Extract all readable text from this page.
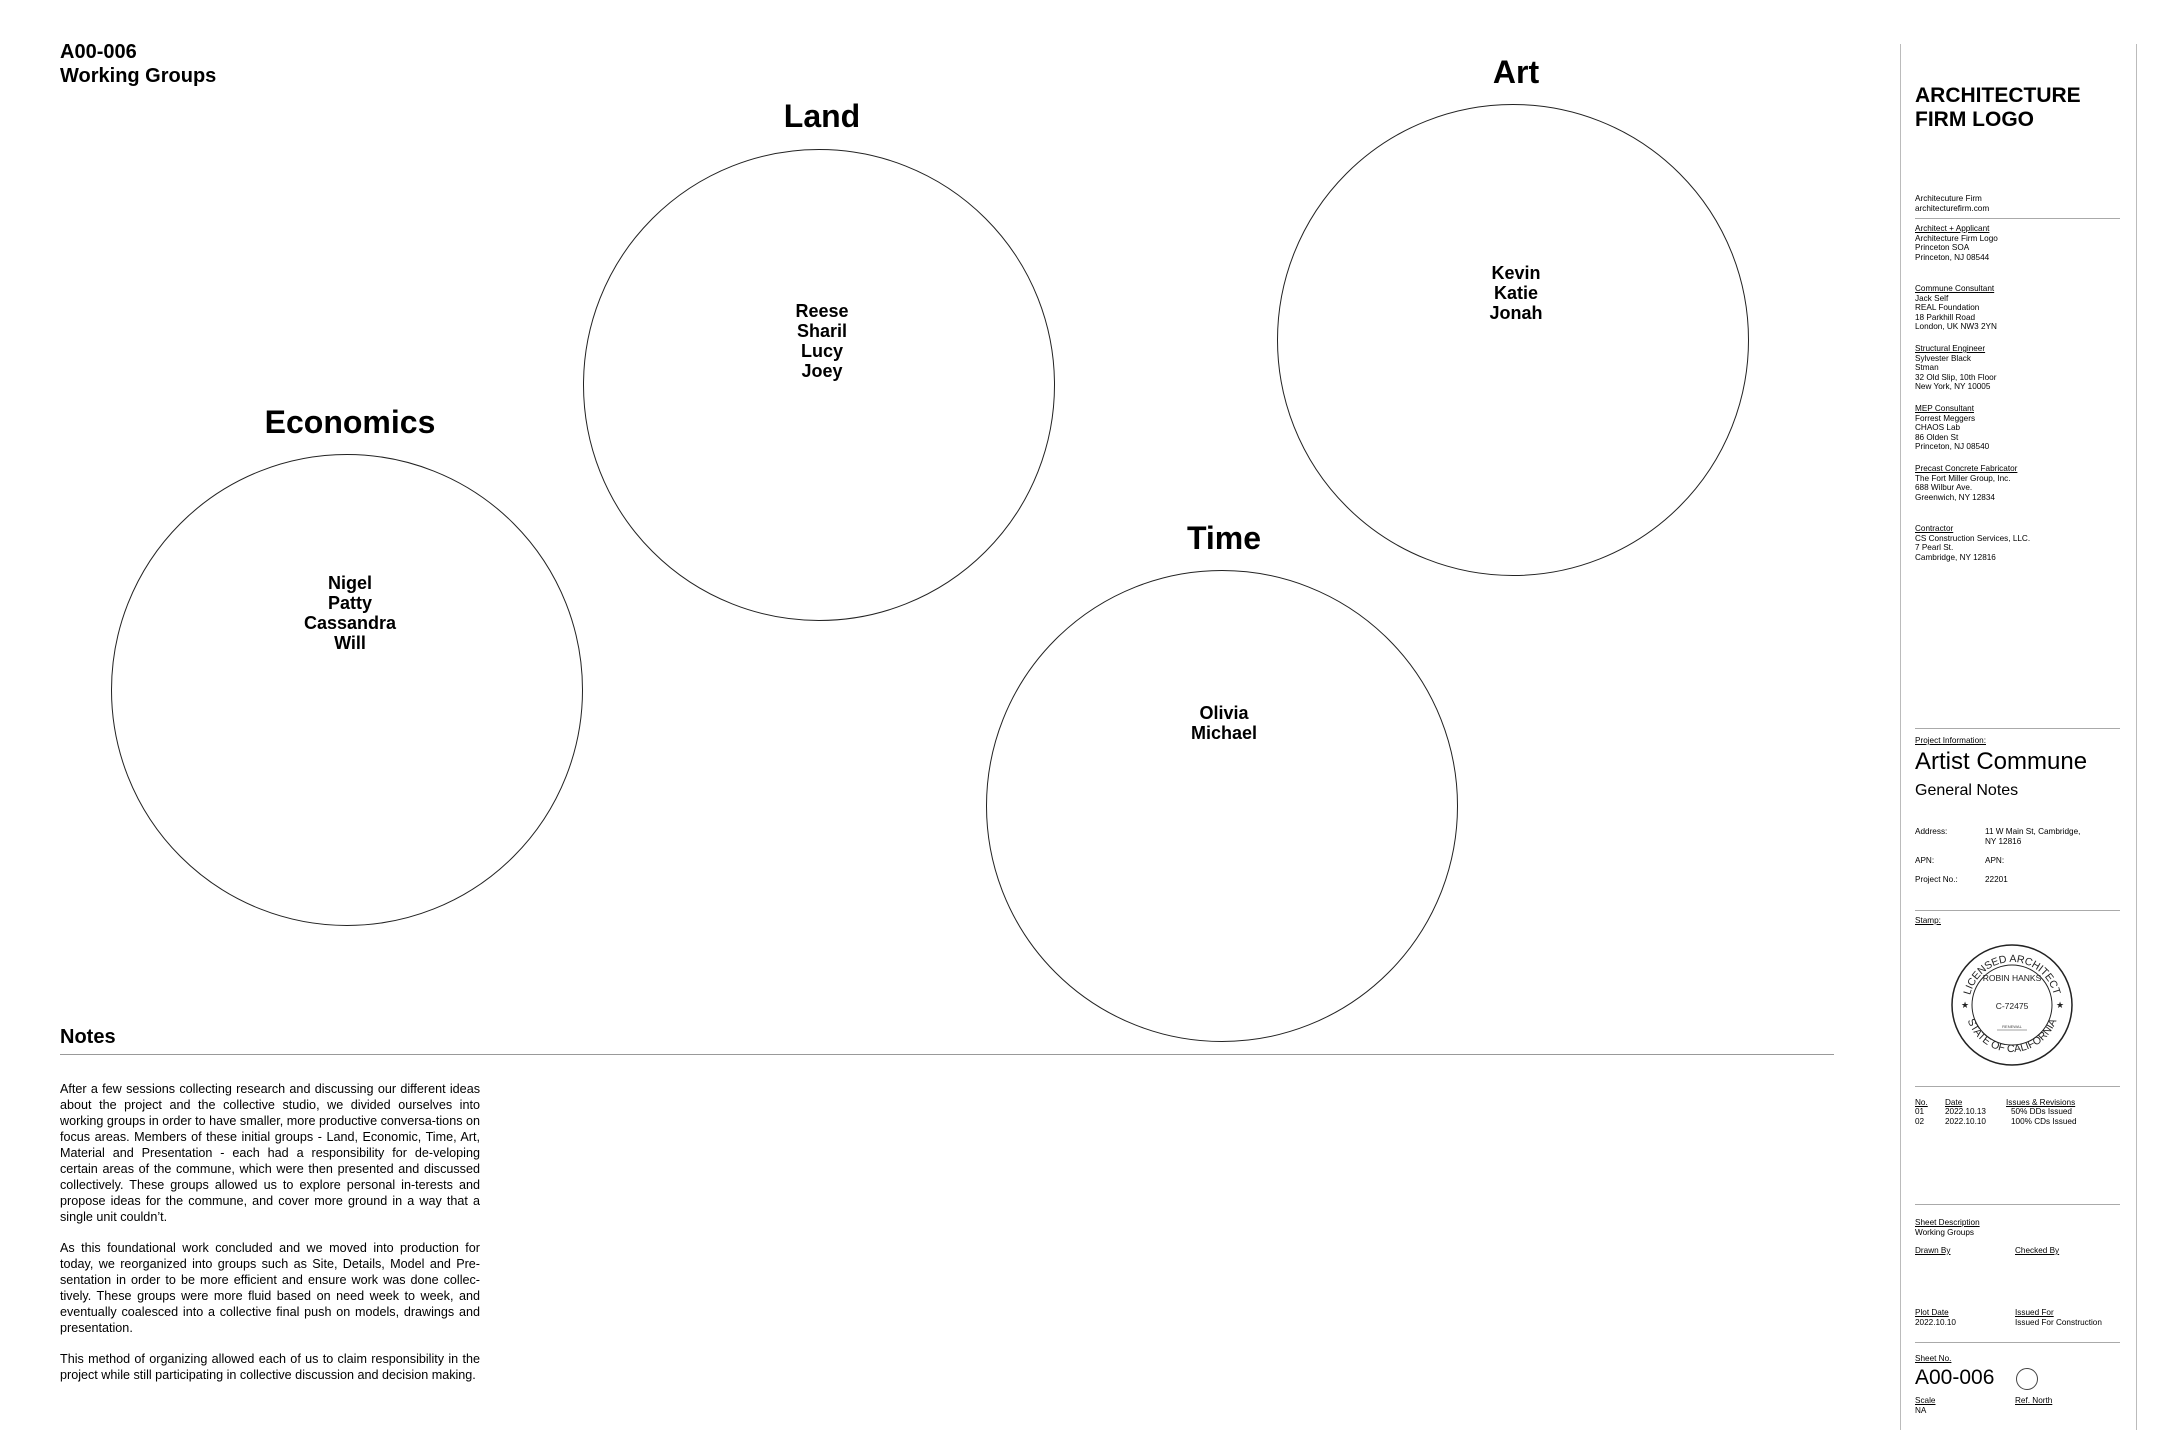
A00-006
Working Groups
Land
Reese
Sharil
Lucy
Joey
Art
Kevin
Katie
Jonah
Economics
Nigel
Patty
Cassandra
Will
Time
Olivia
Michael
Notes

After a few sessions collecting research and discussing our different ideas about the project and the collective studio, we divided ourselves into working groups in order to have smaller, more productive conversa-tions on focus areas. Members of these initial groups - Land, Economic, Time, Art, Material and Presentation - each had a responsibility for de-veloping certain areas of the commune, which were then presented and discussed collectively. These groups allowed us to explore personal in-terests and propose ideas for the commune, and cover more ground in a way that a single unit couldn’t.

As this foundational work concluded and we moved into production for today, we reorganized into groups such as Site, Details, Model and Pre-sentation in order to be more efficient and ensure work was done collec-tively. These groups were more fluid based on need week to week, and eventually coalesced into a collective final push on models, drawings and presentation.

This method of organizing allowed each of us to claim responsibility in the project while still participating in collective discussion and decision making.

ARCHITECTURE FIRM LOGO
Architecuture Firm
architecturefirm.com
Architect + Applicant
Architecture Firm Logo
Princeton SOA
Princeton, NJ 08544
Commune Consultant
Jack Self
REAL Foundation
18 Parkhill Road
London, UK NW3 2YN
Structural Engineer
Sylvester Black
Stman
32 Old Slip, 10th Floor
New York, NY 10005
MEP Consultant
Forrest Meggers
CHAOS Lab
86 Olden St
Princeton, NJ 08540
Precast Concrete Fabricator
The Fort Miller Group, Inc.
688 Wilbur Ave.
Greenwich, NY 12834
Contractor
CS Construction Services, LLC.
7 Pearl St.
Cambridge, NY 12816
Project Information:
Artist Commune
General Notes
Address:	11 W Main St, Cambridge,
NY 12816
APN:	APN:
Project No.:	22201
Stamp:
LICENSED ARCHITECT
STATE OF CALIFORNIA
★	★
ROBIN HANKS
C-72475
RENEWAL
No.	Date	Issues & Revisions
01	2022.10.13	50% DDs Issued
02	2022.10.10	100% CDs Issued
Sheet Description
Working Groups
Drawn By	Checked By
Plot Date
2022.10.10
Issued For
Issued For Construction
Sheet No.
A00-006
Scale
NA
Ref. North
